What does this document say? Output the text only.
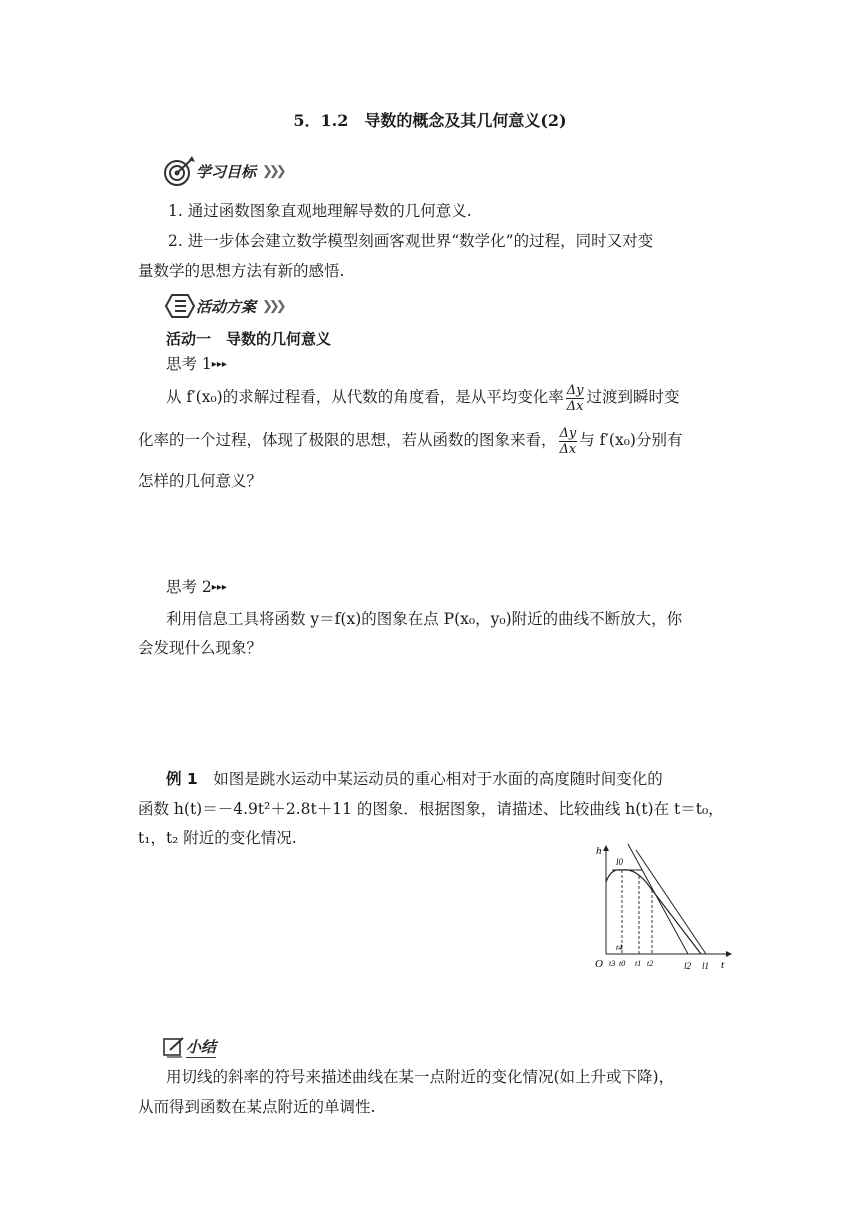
5．1.2　导数的概念及其几何意义(2)
学习目标 ❯❯❯
1. 通过函数图象直观地理解导数的几何意义.
2. 进一步体会建立数学模型刻画客观世界“数学化”的过程，同时又对变
量数学的思想方法有新的感悟.
活动方案 ❯❯❯
活动一　导数的几何意义
思考 1▸▸▸
从 f′(x₀)的求解过程看，从代数的角度看，是从平均变化率 $\frac{\Delta y}{\Delta x}$ 过渡到瞬时变
化率的一个过程，体现了极限的思想，若从函数的图象来看， $\frac{\Delta y}{\Delta x}$ 与 f′(x₀)分别有
怎样的几何意义？
思考 2▸▸▸
利用信息工具将函数 y＝f(x)的图象在点 P(x₀，y₀)附近的曲线不断放大，你
会发现什么现象？
例 1　如图是跳水运动中某运动员的重心相对于水面的高度随时间变化的
函数 h(t)＝－4.9t²＋2.8t＋11 的图象．根据图象，请描述、比较曲线 h(t)在 t＝t₀，
t₁，t₂ 附近的变化情况.
h
t
O
l0
l2 l1
t4
t3 t0 t1 t2
小结
用切线的斜率的符号来描述曲线在某一点附近的变化情况(如上升或下降)，
从而得到函数在某点附近的单调性.
